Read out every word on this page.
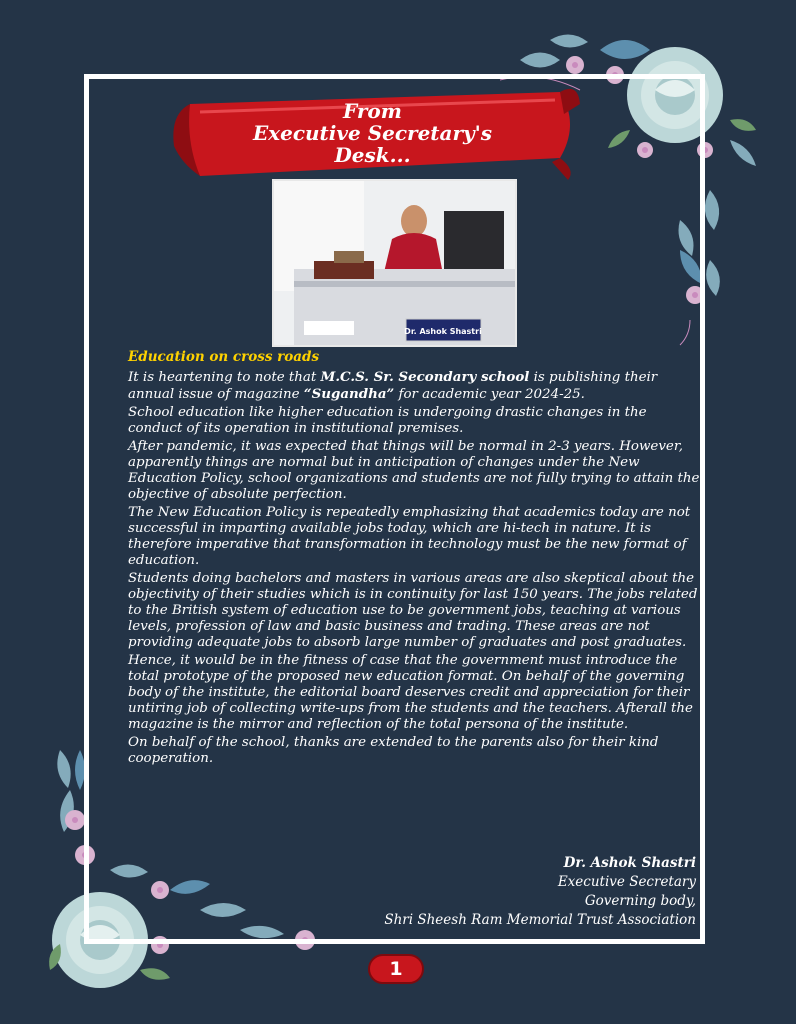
From
Executive Secretary's
Desk...
Dr. Ashok Shastri
Education on cross roads

It is heartening to note that M.C.S. Sr. Secondary school is publishing their annual issue of magazine “Sugandha” for academic year 2024-25.

School education like higher education is undergoing drastic changes in the conduct of its operation in institutional premises.

After pandemic, it was expected that things will be normal in 2-3 years. However, apparently things are normal but in anticipation of changes under the New Education Policy, school organizations and students are not fully trying to attain the objective of absolute perfection.

The New Education Policy is repeatedly emphasizing that academics today are not successful in imparting available jobs today, which are hi-tech in nature. It is therefore imperative that transformation in technology must be the new format of education.

Students doing bachelors and masters in various areas are also skeptical about the objectivity of their studies which is in continuity for last 150 years. The jobs related to the British system of education use to be government jobs, teaching at various levels, profession of law and basic business and trading. These areas are not providing adequate jobs to absorb large number of graduates and post graduates.

Hence, it would be in the fitness of case that the government must introduce the total prototype of the proposed new education format. On behalf of the governing body of the institute, the editorial board deserves credit and appreciation for their untiring job of collecting write-ups from the students and the teachers. Afterall the magazine is the mirror and reflection of the total persona of the institute.

On behalf of the school, thanks are extended to the parents also for their kind cooperation.

Dr. Ashok Shastri
Executive Secretary
Governing body,
Shri Sheesh Ram Memorial Trust Association
1
